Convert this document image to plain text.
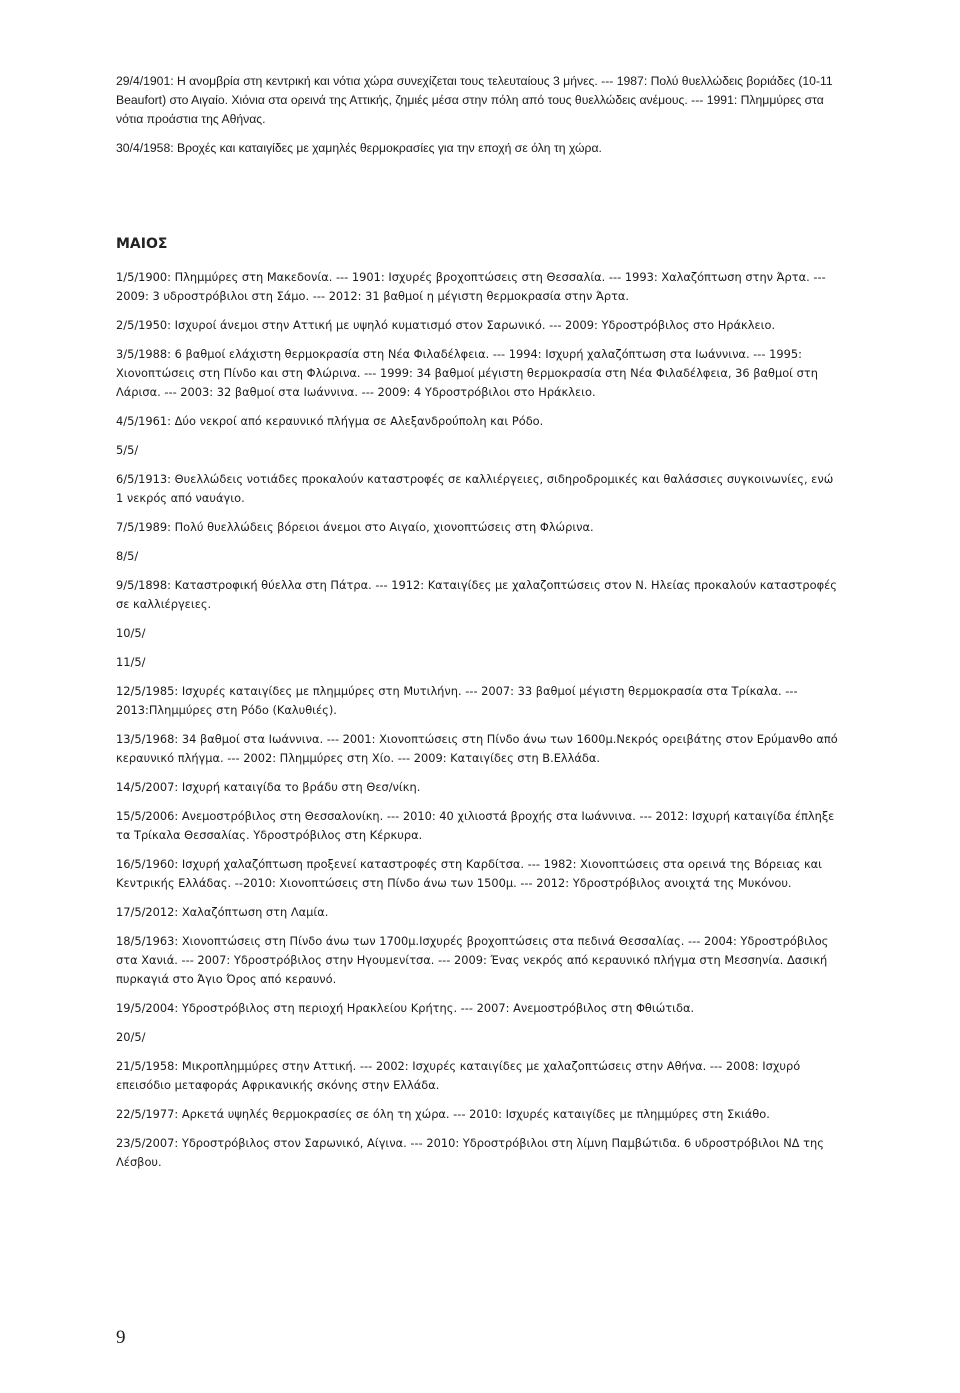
29/4/1901: Η ανομβρία στη κεντρική και νότια χώρα συνεχίζεται τους τελευταίους 3 μήνες. --- 1987: Πολύ θυελλώδεις βοριάδες (10-11 Beaufort) στο Αιγαίο. Χιόνια στα ορεινά της Αττικής, ζημιές μέσα στην πόλη από τους θυελλώδεις ανέμους. --- 1991: Πλημμύρες στα νότια προάστια της Αθήνας.

30/4/1958: Βροχές και καταιγίδες με χαμηλές θερμοκρασίες για την εποχή σε όλη τη χώρα.

ΜΑΙΟΣ

1/5/1900: Πλημμύρες στη Μακεδονία. --- 1901: Ισχυρές βροχοπτώσεις στη Θεσσαλία. --- 1993: Χαλαζόπτωση στην Άρτα. --- 2009: 3 υδροστρόβιλοι στη Σάμο. --- 2012: 31 βαθμοί η μέγιστη θερμοκρασία στην Άρτα.

2/5/1950: Ισχυροί άνεμοι στην Αττική με υψηλό κυματισμό στον Σαρωνικό. --- 2009: Υδροστρόβιλος στο Ηράκλειο.

3/5/1988: 6 βαθμοί ελάχιστη θερμοκρασία στη Νέα Φιλαδέλφεια. --- 1994: Ισχυρή χαλαζόπτωση στα Ιωάννινα. --- 1995: Χιονοπτώσεις στη Πίνδο και στη Φλώρινα. --- 1999: 34 βαθμοί μέγιστη θερμοκρασία στη Νέα Φιλαδέλφεια, 36 βαθμοί στη Λάρισα. --- 2003: 32 βαθμοί στα Ιωάννινα. --- 2009: 4 Υδροστρόβιλοι στο Ηράκλειο.

4/5/1961: Δύο νεκροί από κεραυνικό πλήγμα σε Αλεξανδρούπολη και Ρόδο.

5/5/

6/5/1913: Θυελλώδεις νοτιάδες προκαλούν καταστροφές σε καλλιέργειες, σιδηροδρομικές και θαλάσσιες συγκοινωνίες, ενώ 1 νεκρός από ναυάγιο.

7/5/1989: Πολύ θυελλώδεις βόρειοι άνεμοι στο Αιγαίο, χιονοπτώσεις στη Φλώρινα.

8/5/

9/5/1898: Καταστροφική θύελλα στη Πάτρα. --- 1912: Καταιγίδες με χαλαζοπτώσεις στον Ν. Ηλείας προκαλούν καταστροφές σε καλλιέργειες.

10/5/

11/5/

12/5/1985: Ισχυρές καταιγίδες με πλημμύρες στη Μυτιλήνη. --- 2007: 33 βαθμοί μέγιστη θερμοκρασία στα Τρίκαλα. --- 2013:Πλημμύρες στη Ρόδο (Καλυθιές).

13/5/1968: 34 βαθμοί στα Ιωάννινα. --- 2001: Χιονοπτώσεις στη Πίνδο άνω των 1600μ.Νεκρός ορειβάτης στον Ερύμανθο από κεραυνικό πλήγμα. --- 2002: Πλημμύρες στη Χίο. --- 2009: Καταιγίδες στη Β.Ελλάδα.

14/5/2007: Ισχυρή καταιγίδα το βράδυ στη Θεσ/νίκη.

15/5/2006: Ανεμοστρόβιλος στη Θεσσαλονίκη. --- 2010: 40 χιλιοστά βροχής στα Ιωάννινα. --- 2012: Ισχυρή καταιγίδα έπληξε τα Τρίκαλα Θεσσαλίας. Υδροστρόβιλος στη Κέρκυρα.

16/5/1960: Ισχυρή χαλαζόπτωση προξενεί καταστροφές στη Καρδίτσα. --- 1982: Χιονοπτώσεις στα ορεινά της Βόρειας και Κεντρικής Ελλάδας. --2010: Χιονοπτώσεις στη Πίνδο άνω των 1500μ. --- 2012: Υδροστρόβιλος ανοιχτά της Μυκόνου.

17/5/2012: Χαλαζόπτωση στη Λαμία.

18/5/1963: Χιονοπτώσεις στη Πίνδο άνω των 1700μ.Ισχυρές βροχοπτώσεις στα πεδινά Θεσσαλίας. --- 2004: Υδροστρόβιλος στα Χανιά. --- 2007: Υδροστρόβιλος στην Ηγουμενίτσα. --- 2009: Ένας νεκρός από κεραυνικό πλήγμα στη Μεσσηνία. Δασική πυρκαγιά στο Άγιο Όρος από κεραυνό.

19/5/2004: Υδροστρόβιλος στη περιοχή Ηρακλείου Κρήτης. --- 2007: Ανεμοστρόβιλος στη Φθιώτιδα.

20/5/

21/5/1958: Μικροπλημμύρες στην Αττική. --- 2002: Ισχυρές καταιγίδες με χαλαζοπτώσεις στην Αθήνα. --- 2008: Ισχυρό επεισόδιο μεταφοράς Αφρικανικής σκόνης στην Ελλάδα.

22/5/1977: Αρκετά υψηλές θερμοκρασίες σε όλη τη χώρα. --- 2010: Ισχυρές καταιγίδες με πλημμύρες στη Σκιάθο.

23/5/2007: Υδροστρόβιλος στον Σαρωνικό, Αίγινα. --- 2010: Υδροστρόβιλοι στη λίμνη Παμβώτιδα. 6 υδροστρόβιλοι ΝΔ της Λέσβου.

9
